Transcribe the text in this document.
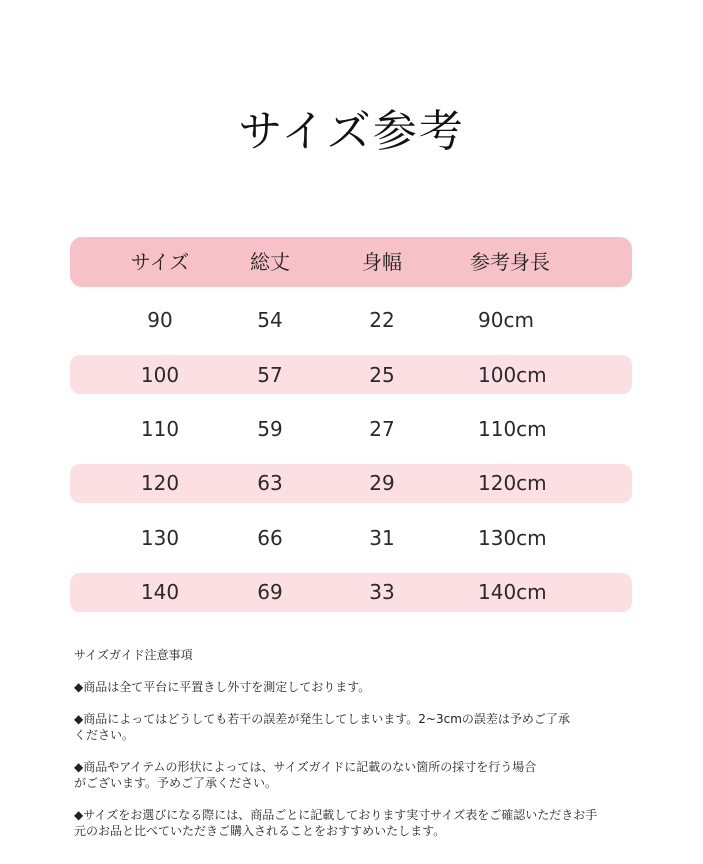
サイズ参考
サイズ	総丈	身幅	参考身長
90	54	22	90cm
100	57	25	100cm
110	59	27	110cm
120	63	29	120cm
130	66	31	130cm
140	69	33	140cm

サイズガイド注意事項

◆商品は全て平台に平置きし外寸を測定しております。

◆商品によってはどうしても若干の誤差が発生してしまいます。2~3cmの誤差は予めご了承
ください。

◆商品やアイテムの形状によっては、サイズガイドに記載のない箇所の採寸を行う場合
がございます。予めご了承ください。

◆サイズをお選びになる際には、商品ごとに記載しております実寸サイズ表をご確認いただきお手
元のお品と比べていただきご購入されることをおすすめいたします。
